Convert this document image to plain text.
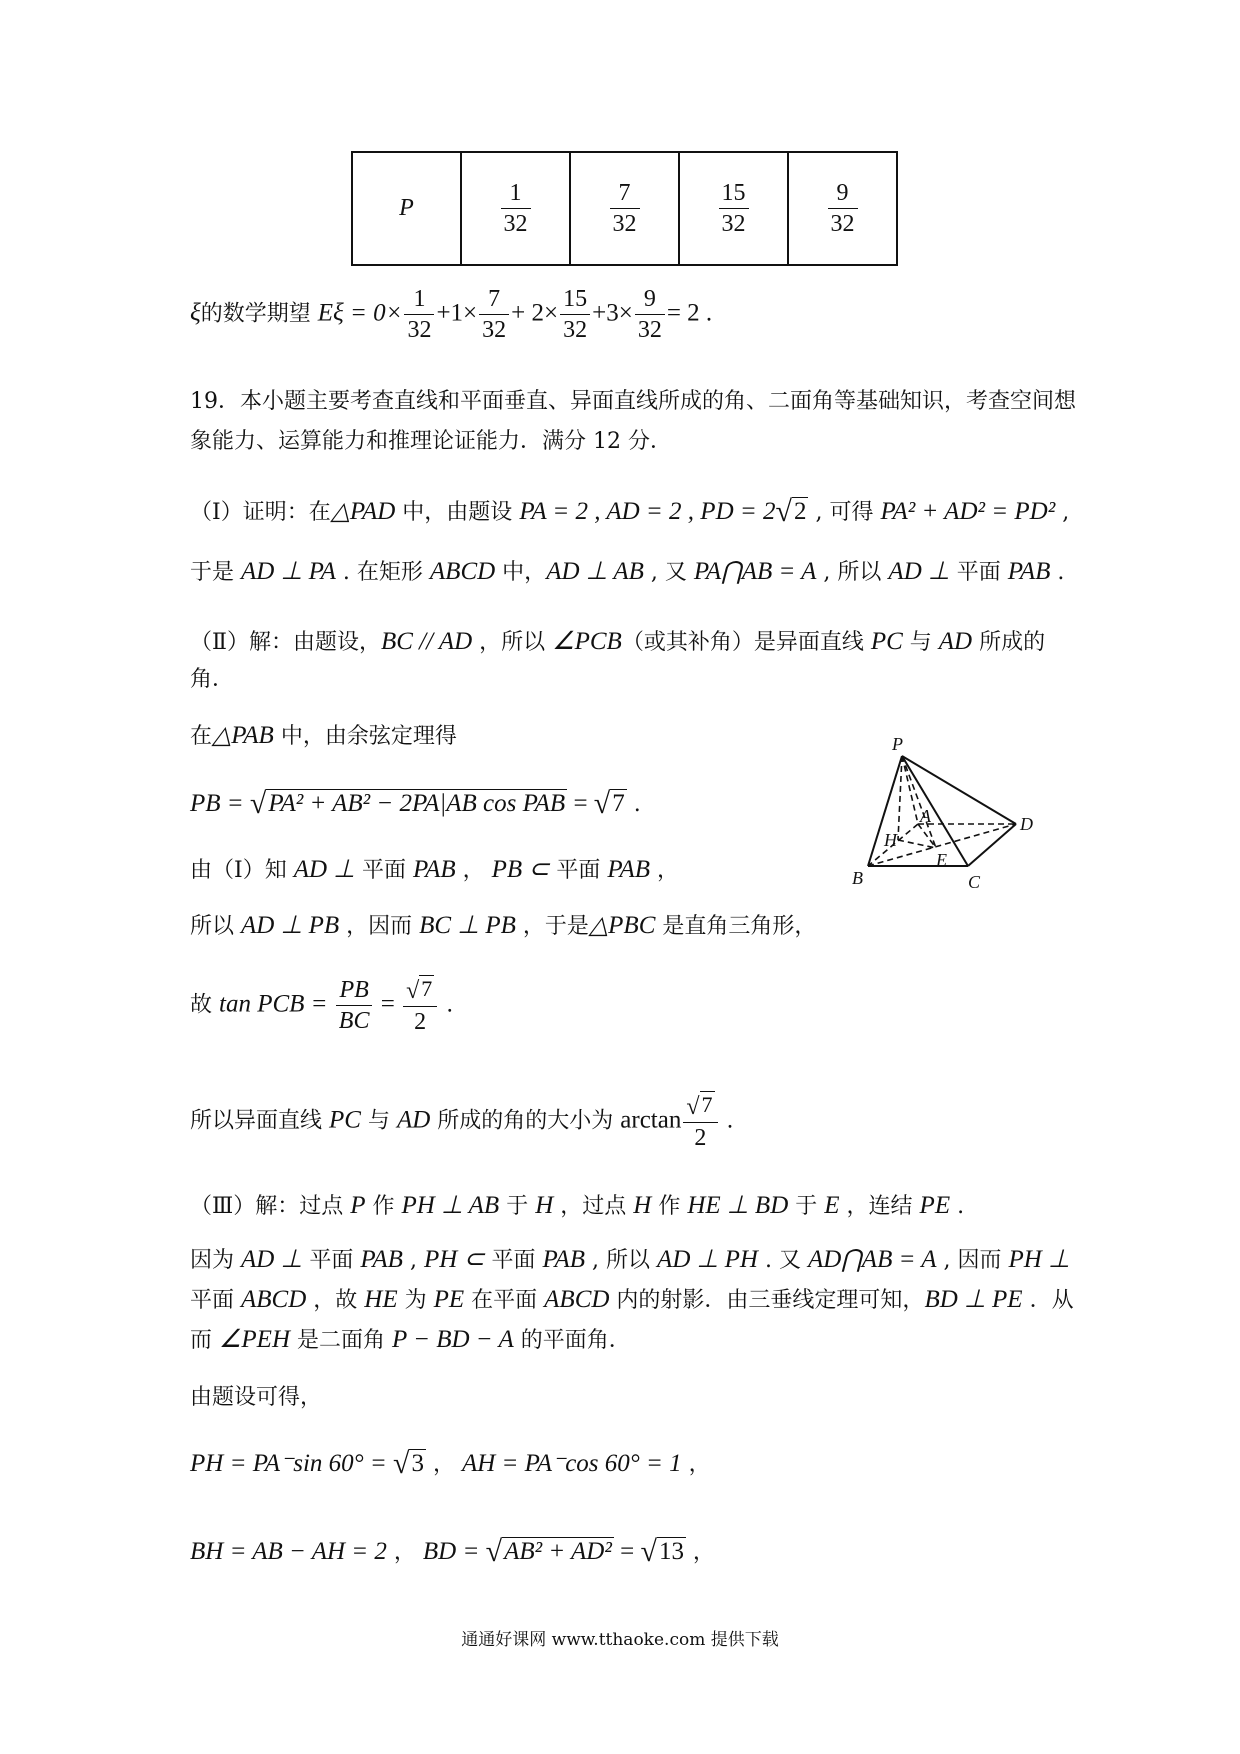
P	$\frac{1}{32}$	$\frac{7}{32}$	$\frac{15}{32}$	$\frac{9}{32}$
ξ的数学期望 $E\xi = 0\times \frac{1}{32} +1\times \frac{7}{32} + 2\times \frac{15}{32} +3\times \frac{9}{32} = 2$ .
19．本小题主要考查直线和平面垂直、异面直线所成的角、二面角等基础知识，考查空间想
象能力、运算能力和推理论证能力．满分 12 分．
（Ⅰ）证明：在△PAD 中，由题设 PA = 2 , AD = 2 , PD = 2√2 , 可得 PA² + AD² = PD² ,
于是 AD ⊥ PA . 在矩形 ABCD 中，AD ⊥ AB , 又 PA⋂AB = A , 所以 AD ⊥ 平面 PAB .
（Ⅱ）解：由题设，BC // AD ，所以 ∠PCB（或其补角）是异面直线 PC 与 AD 所成的
角．
在△PAB 中，由余弦定理得
PB = √PA² + AB² − 2PA|AB cos PAB = √7 .
由（Ⅰ）知 AD ⊥ 平面 PAB ， PB ⊂ 平面 PAB ，
所以 AD ⊥ PB ，因而 BC ⊥ PB ，于是△PBC 是直角三角形，
故 tan PCB = $\frac{PB}{BC} = \frac{√7}{2}$ .
所以异面直线 PC 与 AD 所成的角的大小为 $\arctan \frac{√7}{2}$ .
（Ⅲ）解：过点 P 作 PH ⊥ AB 于 H ，过点 H 作 HE ⊥ BD 于 E ，连结 PE .
因为 AD ⊥ 平面 PAB , PH ⊂ 平面 PAB , 所以 AD ⊥ PH . 又 AD⋂AB = A , 因而 PH ⊥
平面 ABCD ，故 HE 为 PE 在平面 ABCD 内的射影．由三垂线定理可知，BD ⊥ PE ．从
而 ∠PEH 是二面角 P − BD − A 的平面角．
由题设可得，
PH = PA⁻sin 60° = √3 ， AH = PA⁻cos 60° = 1 ，
BH = AB − AH = 2 ， BD = √AB² + AD² = √13 ，
P
A	D
H
E
B	C
通通好课网 www.tthaoke.com 提供下载
